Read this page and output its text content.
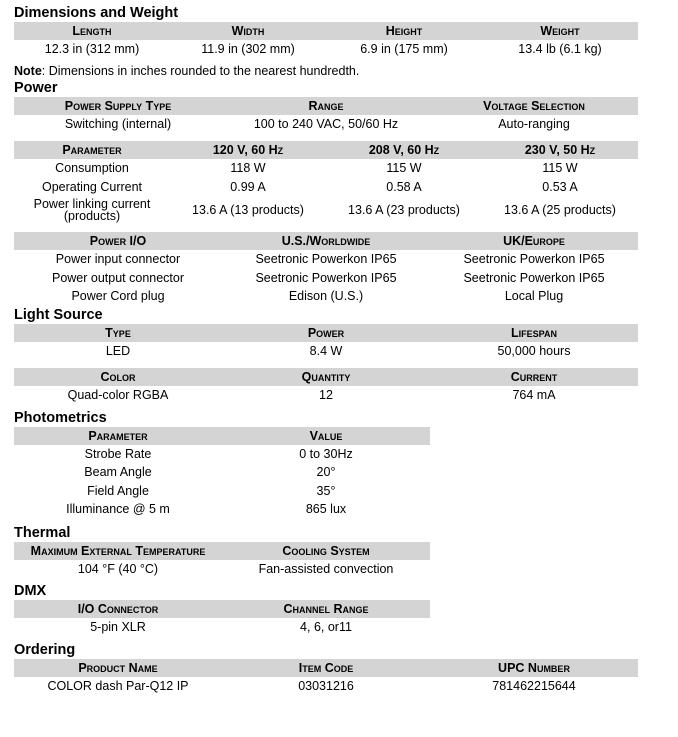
Dimensions and Weight
Length	Width	Height	Weight
12.3 in (312 mm)	11.9 in (302 mm)	6.9 in (175 mm)	13.4 lb (6.1 kg)

Note: Dimensions in inches rounded to the nearest hundredth.

Power
Power Supply Type	Range	Voltage Selection
Switching (internal)	100 to 240 VAC, 50/60 Hz	Auto-ranging
Parameter	120 V, 60 Hz	208 V, 60 Hz	230 V, 50 Hz
Consumption	118 W	115 W	115 W
Operating Current	0.99 A	0.58 A	0.53 A
Power linking current (products)	13.6 A (13 products)	13.6 A (23 products)	13.6 A (25 products)
Power I/O	U.S./Worldwide	UK/Europe
Power input connector	Seetronic Powerkon IP65	Seetronic Powerkon IP65
Power output connector	Seetronic Powerkon IP65	Seetronic Powerkon IP65
Power Cord plug	Edison (U.S.)	Local Plug
Light Source
Type	Power	Lifespan
LED	8.4 W	50,000 hours
Color	Quantity	Current
Quad-color RGBA	12	764 mA
Photometrics
Parameter	Value
Strobe Rate	0 to 30Hz
Beam Angle	20°
Field Angle	35°
Illuminance @ 5 m	865 lux
Thermal
Maximum External Temperature	Cooling System
104 °F (40 °C)	Fan-assisted convection
DMX
I/O Connector	Channel Range
5-pin XLR	4, 6, or11
Ordering
Product Name	Item Code	UPC Number
COLOR dash Par-Q12 IP	03031216	781462215644
